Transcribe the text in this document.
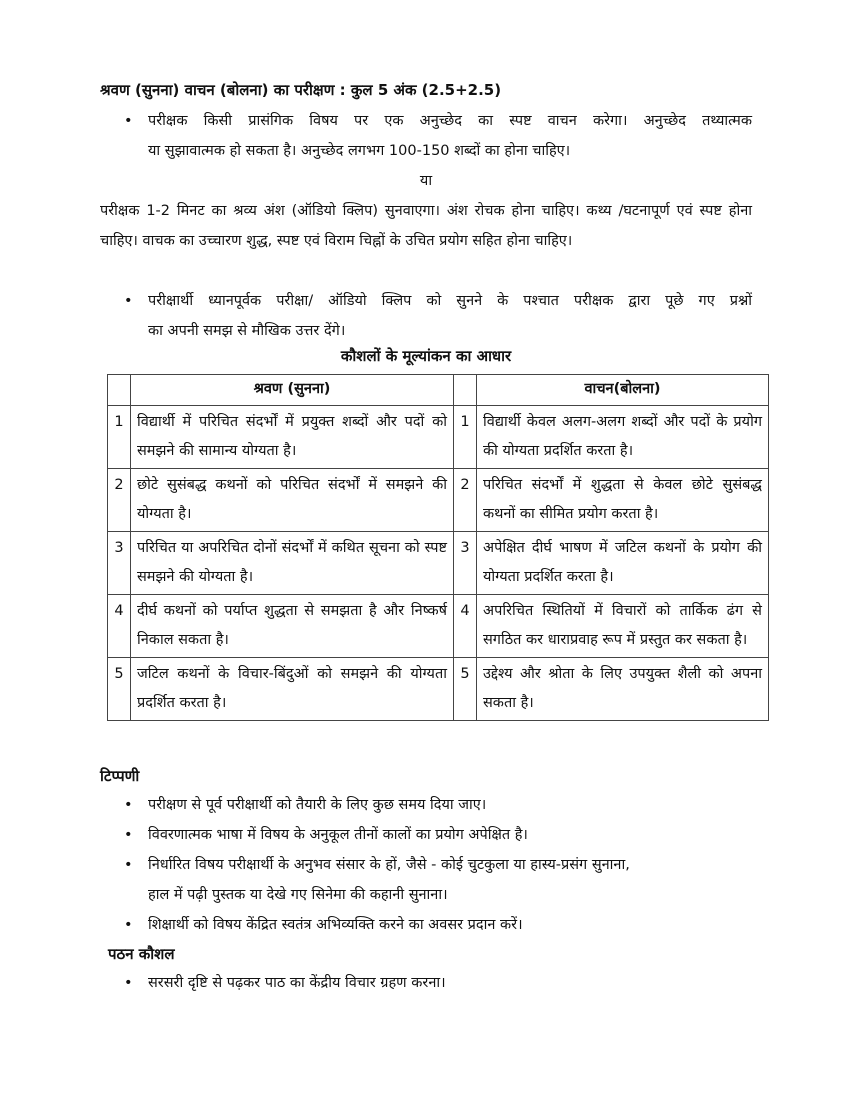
श्रवण (सुनना) वाचन (बोलना) का परीक्षण : कुल 5 अंक (2.5+2.5)
• परीक्षक किसी प्रासंगिक विषय पर एक अनुच्छेद का स्पष्ट वाचन करेगा। अनुच्छेद तथ्यात्मक
या सुझावात्मक हो सकता है। अनुच्छेद लगभग 100-150 शब्दों का होना चाहिए।
या
परीक्षक 1-2 मिनट का श्रव्य अंश (ऑडियो क्लिप) सुनवाएगा। अंश रोचक होना चाहिए। कथ्य /घटनापूर्ण एवं स्पष्ट होना चाहिए। वाचक का उच्चारण शुद्ध, स्पष्ट एवं विराम चिह्नों के उचित प्रयोग सहित होना चाहिए।
• परीक्षार्थी ध्यानपूर्वक परीक्षा/ ऑडियो क्लिप को सुनने के पश्चात परीक्षक द्वारा पूछे गए प्रश्नों
का अपनी समझ से मौखिक उत्तर देंगे।
कौशलों के मूल्यांकन का आधार
	श्रवण (सुनना)		वाचन(बोलना)
1	विद्यार्थी में परिचित संदर्भों में प्रयुक्त शब्दों और पदों को समझने की सामान्य योग्यता है।	1	विद्यार्थी केवल अलग-अलग शब्दों और पदों के प्रयोग की योग्यता प्रदर्शित करता है।
2	छोटे सुसंबद्ध कथनों को परिचित संदर्भों में समझने की योग्यता है।	2	परिचित संदर्भों में शुद्धता से केवल छोटे सुसंबद्ध कथनों का सीमित प्रयोग करता है।
3	परिचित या अपरिचित दोनों संदर्भों में कथित सूचना को स्पष्ट समझने की योग्यता है।	3	अपेक्षित दीर्घ भाषण में जटिल कथनों के प्रयोग की योग्यता प्रदर्शित करता है।
4	दीर्घ कथनों को पर्याप्त शुद्धता से समझता है और निष्कर्ष निकाल सकता है।	4	अपरिचित स्थितियों में विचारों को तार्किक ढंग से सगठित कर धाराप्रवाह रूप में प्रस्तुत कर सकता है।
5	जटिल कथनों के विचार-बिंदुओं को समझने की योग्यता प्रदर्शित करता है।	5	उद्देश्य और श्रोता के लिए उपयुक्त शैली को अपना सकता है।
टिप्पणी
• परीक्षण से पूर्व परीक्षार्थी को तैयारी के लिए कुछ समय दिया जाए।
• विवरणात्मक भाषा में विषय के अनुकूल तीनों कालों का प्रयोग अपेक्षित है।
• निर्धारित विषय परीक्षार्थी के अनुभव संसार के हों, जैसे - कोई चुटकुला या हास्य-प्रसंग सुनाना,
हाल में पढ़ी पुस्तक या देखे गए सिनेमा की कहानी सुनाना।
• शिक्षार्थी को विषय केंद्रित स्वतंत्र अभिव्यक्ति करने का अवसर प्रदान करें।
पठन कौशल
• सरसरी दृष्टि से पढ़कर पाठ का केंद्रीय विचार ग्रहण करना।
